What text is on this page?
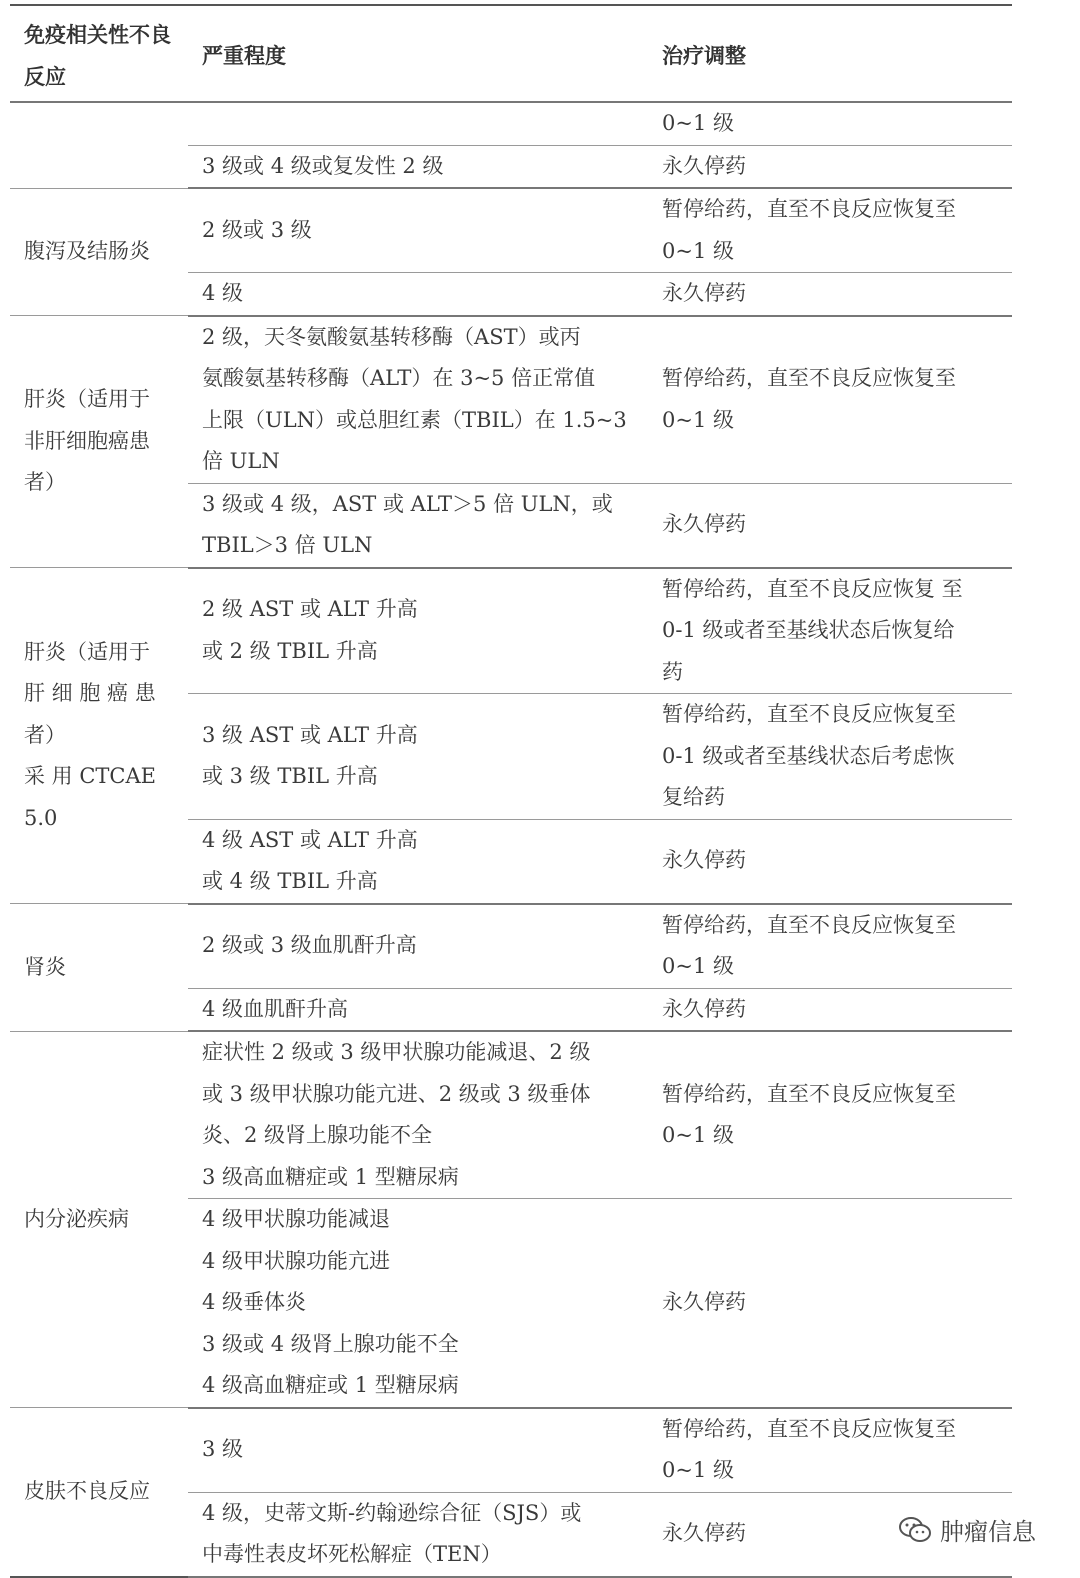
免疫相关性不良反应	严重程度	治疗调整

		0~1 级

	3 级或 4 级或复发性 2 级	永久停药

腹泻及结肠炎	2 级或 3 级	暂停给药，直至不良反应恢复至
0~1 级

	4 级	永久停药

肝炎（适用于
非肝细胞癌患
者）	2 级，天冬氨酸氨基转移酶（AST）或丙
氨酸氨基转移酶（ALT）在 3~5 倍正常值
上限（ULN）或总胆红素（TBIL）在 1.5~3
倍 ULN	暂停给药，直至不良反应恢复至
0~1 级

	3 级或 4 级，AST 或 ALT＞5 倍 ULN，或
TBIL＞3 倍 ULN	永久停药

肝炎（适用于
肝 细 胞 癌 患
者）
采 用 CTCAE
5.0	2 级 AST 或 ALT 升高
或 2 级 TBIL 升高	暂停给药，直至不良反应恢复 至
0-1 级或者至基线状态后恢复给
药

	3 级 AST 或 ALT 升高
或 3 级 TBIL 升高	暂停给药，直至不良反应恢复至
0-1 级或者至基线状态后考虑恢
复给药

	4 级 AST 或 ALT 升高
或 4 级 TBIL 升高	永久停药

肾炎	2 级或 3 级血肌酐升高	暂停给药，直至不良反应恢复至
0~1 级

	4 级血肌酐升高	永久停药

内分泌疾病	症状性 2 级或 3 级甲状腺功能减退、2 级
或 3 级甲状腺功能亢进、2 级或 3 级垂体
炎、2 级肾上腺功能不全
3 级高血糖症或 1 型糖尿病	暂停给药，直至不良反应恢复至
0~1 级

	4 级甲状腺功能减退
4 级甲状腺功能亢进
4 级垂体炎
3 级或 4 级肾上腺功能不全
4 级高血糖症或 1 型糖尿病	永久停药

皮肤不良反应	3 级	暂停给药，直至不良反应恢复至
0~1 级

	4 级，史蒂文斯-约翰逊综合征（SJS）或
中毒性表皮坏死松解症（TEN）	永久停药	肿瘤信息
